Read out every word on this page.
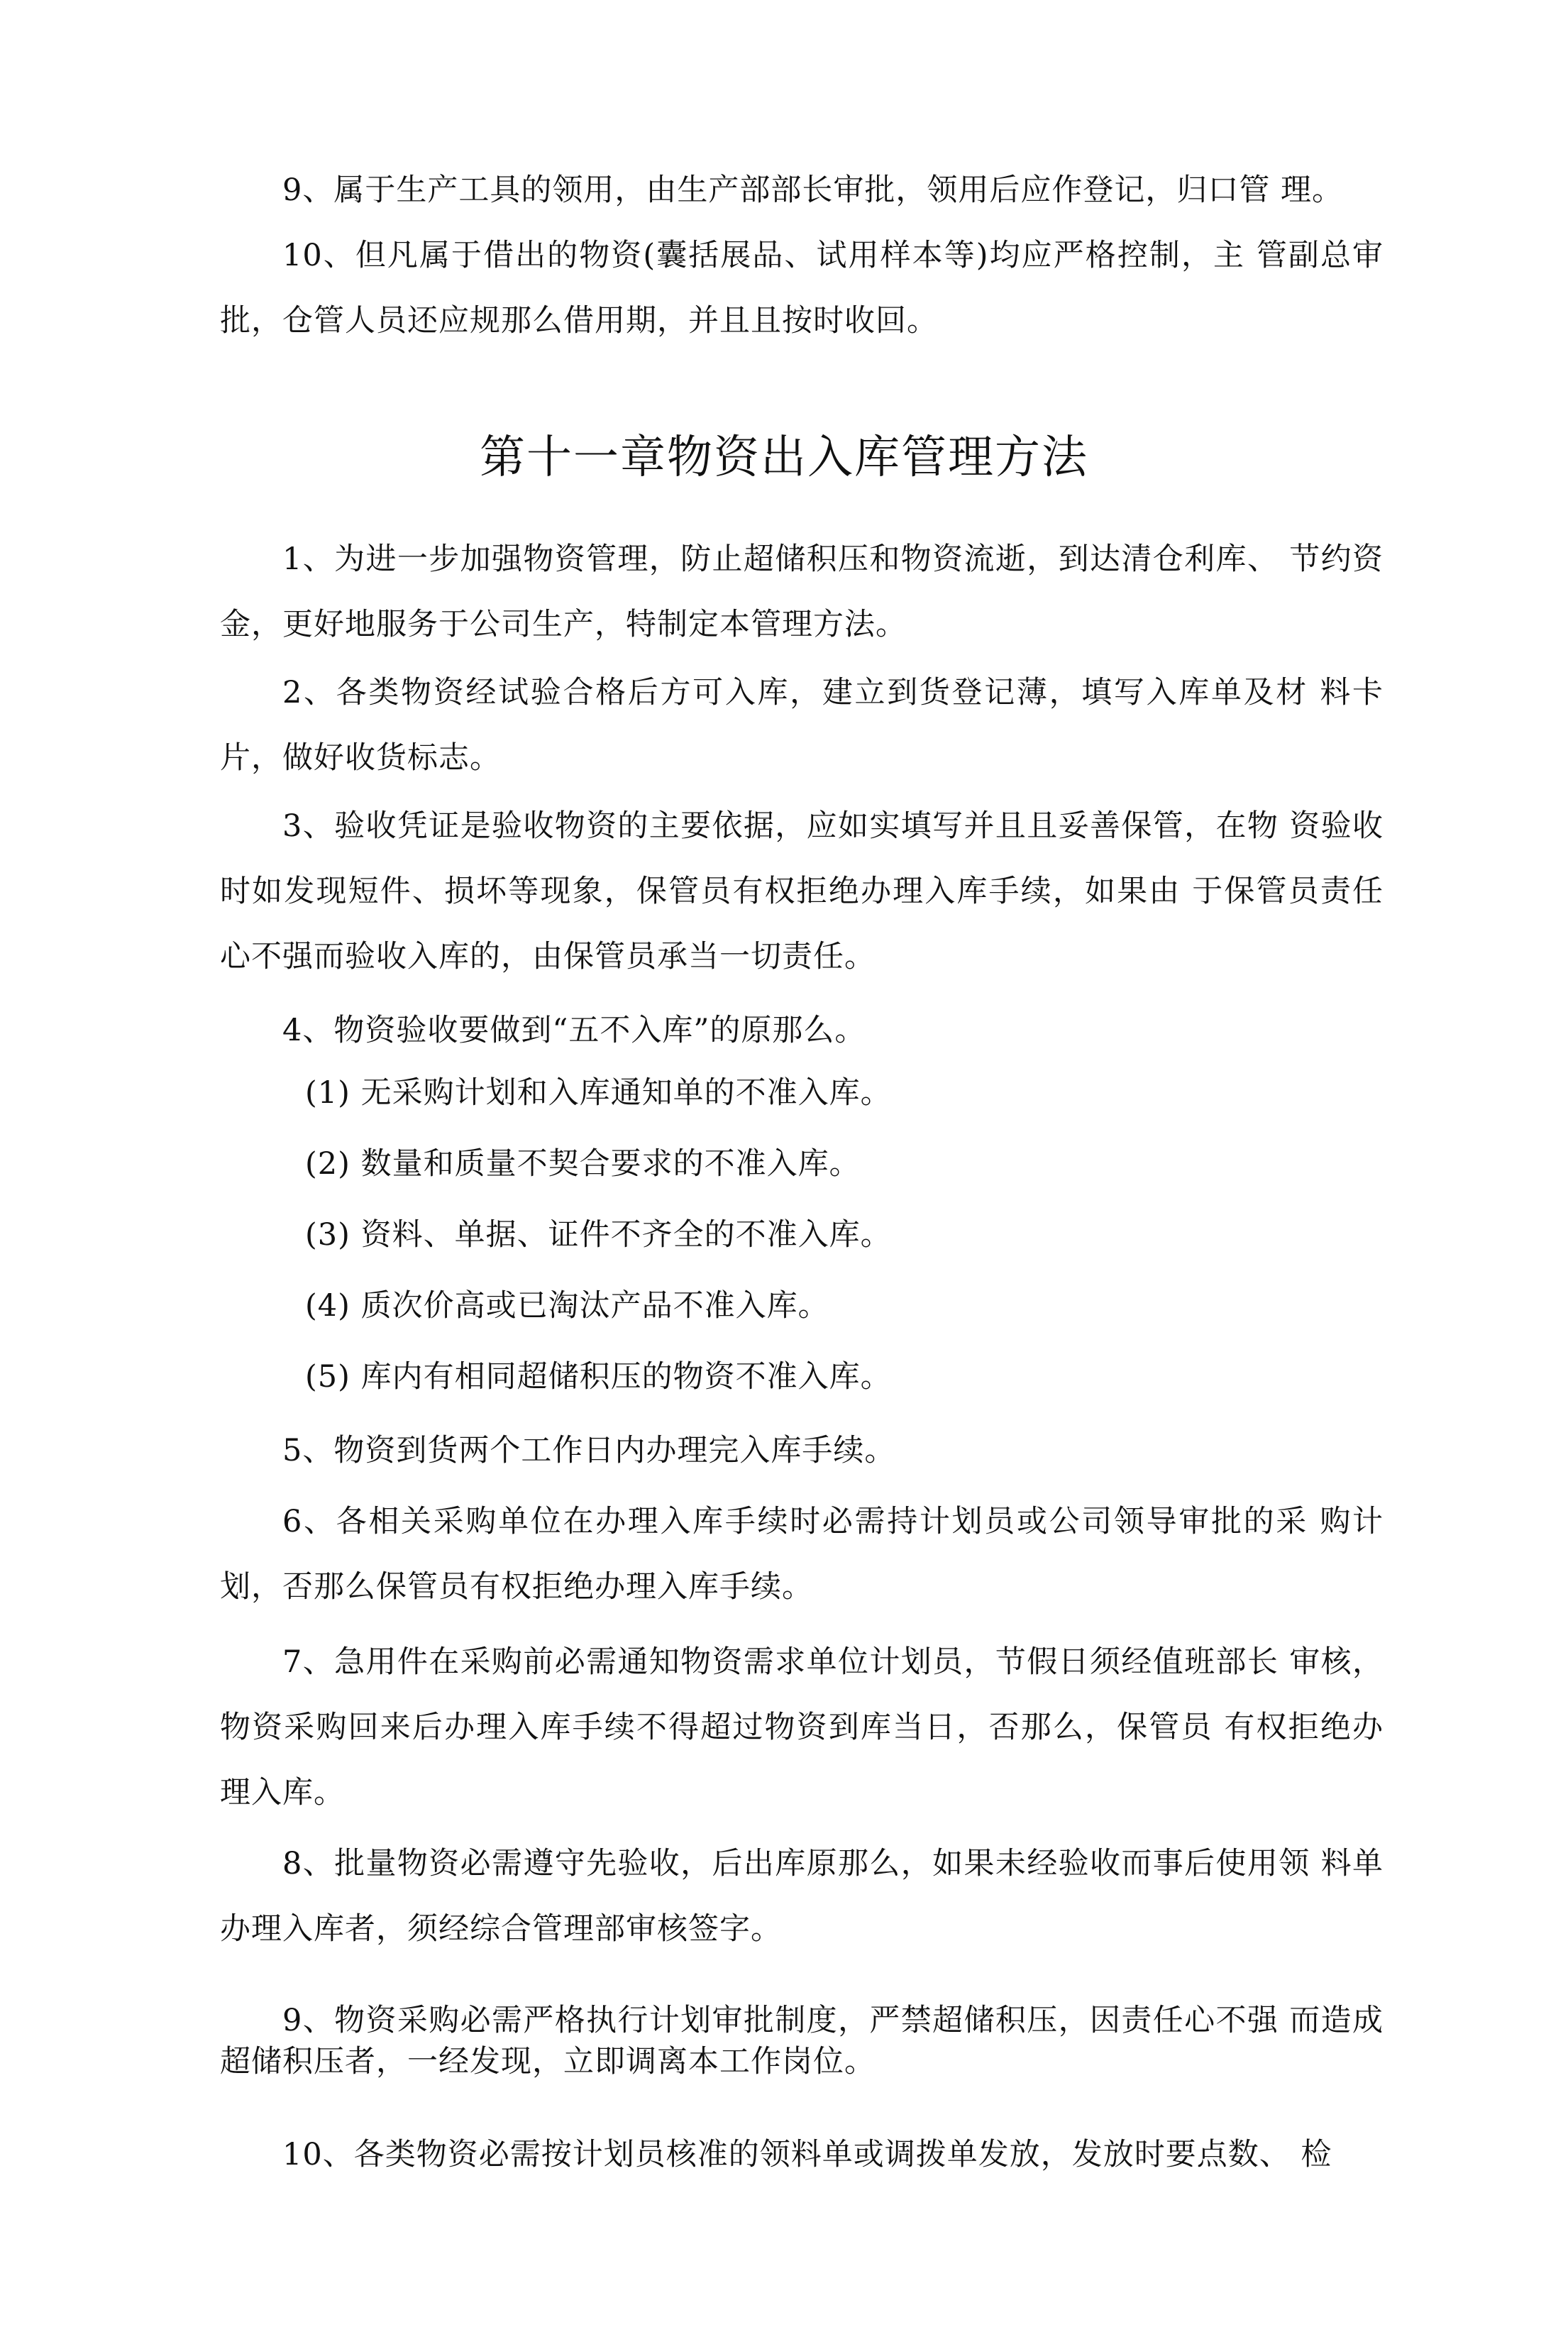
9、属于生产工具的领用，由生产部部长审批，领用后应作登记，归口管 理。

10、但凡属于借出的物资(囊括展品、试用样本等)均应严格控制，主 管副总审批，仓管人员还应规那么借用期，并且且按时收回。

第十一章物资出入库管理方法

1、为进一步加强物资管理，防止超储积压和物资流逝，到达清仓利库、 节约资金，更好地服务于公司生产，特制定本管理方法。

2、各类物资经试验合格后方可入库，建立到货登记薄，填写入库单及材 料卡片，做好收货标志。

3、验收凭证是验收物资的主要依据，应如实填写并且且妥善保管，在物 资验收时如发现短件、损坏等现象，保管员有权拒绝办理入库手续，如果由 于保管员责任心不强而验收入库的，由保管员承当一切责任。

4、物资验收要做到“五不入库”的原那么。

(1) 无采购计划和入库通知单的不准入库。

(2) 数量和质量不契合要求的不准入库。

(3) 资料、单据、证件不齐全的不准入库。

(4) 质次价高或已淘汰产品不准入库。

(5) 库内有相同超储积压的物资不准入库。

5、物资到货两个工作日内办理完入库手续。

6、各相关采购单位在办理入库手续时必需持计划员或公司领导审批的采 购计划，否那么保管员有权拒绝办理入库手续。

7、急用件在采购前必需通知物资需求单位计划员，节假日须经值班部长 审核，物资采购回来后办理入库手续不得超过物资到库当日，否那么，保管员 有权拒绝办理入库。

8、批量物资必需遵守先验收，后出库原那么，如果未经验收而事后使用领 料单办理入库者，须经综合管理部审核签字。

9、物资采购必需严格执行计划审批制度，严禁超储积压，因责任心不强 而造成超储积压者，一经发现，立即调离本工作岗位。

10、各类物资必需按计划员核准的领料单或调拨单发放，发放时要点数、 检
